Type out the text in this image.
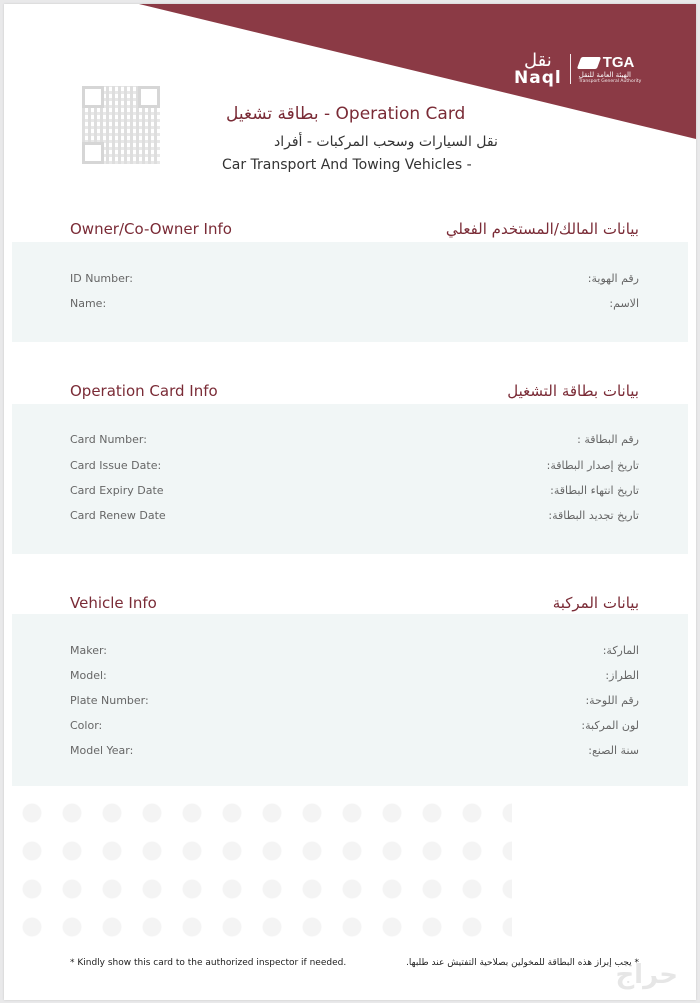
نقل
Naql
TGA
الهيئة العامة للنقل
Transport General Authority
بطاقة تشغيل - Operation Card
نقل السيارات وسحب المركبات - أفراد
Car Transport And Towing Vehicles -
Owner/Co-Owner Info	بيانات المالك/المستخدم الفعلي
ID Number:	رقم الهوية:
Name:	الاسم:
Operation Card Info	بيانات بطاقة التشغيل
Card Number:	رقم البطاقة :
Card Issue Date:	تاريخ إصدار البطاقة:
Card Expiry Date	تاريخ انتهاء البطاقة:
Card Renew Date	تاريخ تجديد البطاقة:
Vehicle Info	بيانات المركبة
Maker:	الماركة:
Model:	الطراز:
Plate Number:	رقم اللوحة:
Color:	لون المركبة:
Model Year:	سنة الصنع:
* Kindly show this card to the authorized inspector if needed.	* يجب إبراز هذه البطاقة للمخولين بصلاحية التفتيش عند طلبها.
حراج
